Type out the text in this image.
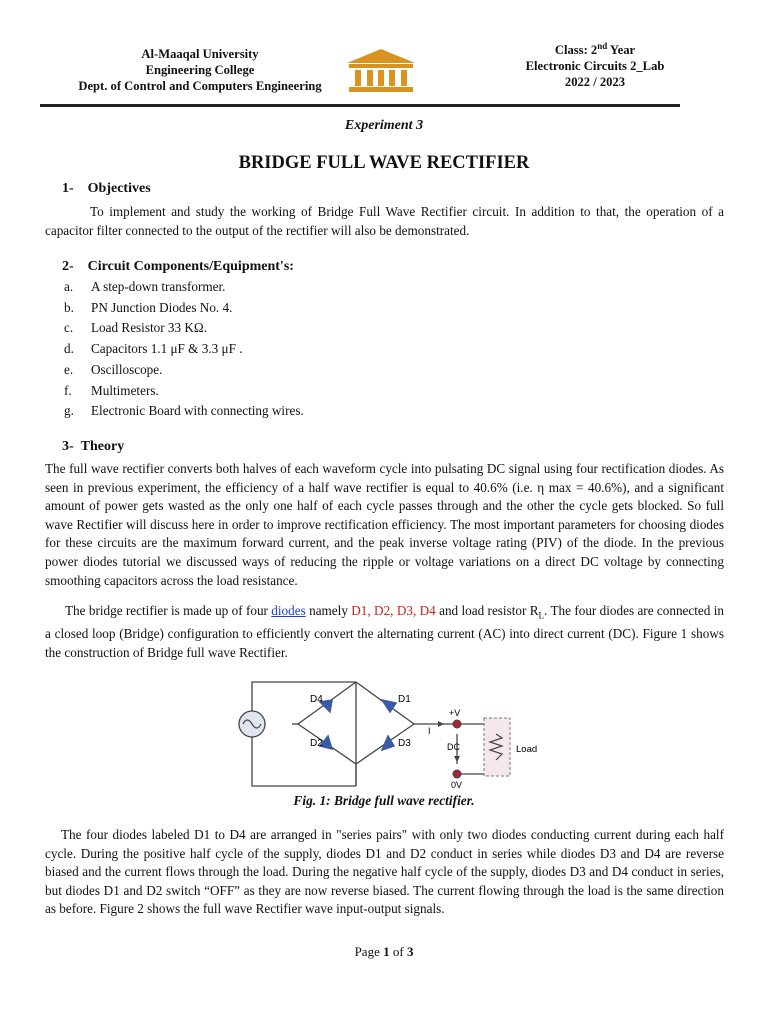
Al-Maaqal University
Engineering College
Dept. of Control and Computers Engineering
Class: 2nd Year
Electronic Circuits 2_Lab
2022 / 2023
Experiment 3
BRIDGE FULL WAVE RECTIFIER
1-    Objectives

To implement and study the working of Bridge Full Wave Rectifier circuit. In addition to that, the operation of a capacitor filter connected to the output of the rectifier will also be demonstrated.

2-    Circuit Components/Equipment's:
a. A step-down transformer.
b. PN Junction Diodes No. 4.
c. Load Resistor 33 KΩ.
d. Capacitors 1.1 μF & 3.3 μF .
e. Oscilloscope.
f. Multimeters.
g. Electronic Board with connecting wires.
3-  Theory

The full wave rectifier converts both halves of each waveform cycle into pulsating DC signal using four rectification diodes. As seen in previous experiment, the efficiency of a half wave rectifier is equal to 40.6% (i.e. η max = 40.6%), and a significant amount of power gets wasted as the only one half of each cycle passes through and the other the cycle gets blocked. So full wave Rectifier will discuss here in order to improve rectification efficiency. The most important parameters for choosing diodes for these circuits are the maximum forward current, and the peak inverse voltage rating (PIV) of the diode. In the previous power diodes tutorial we discussed ways of reducing the ripple or voltage variations on a direct DC voltage by connecting smoothing capacitors across the load resistance.

The bridge rectifier is made up of four diodes namely D1, D2, D3, D4 and load resistor $R_L$. The four diodes are connected in a closed loop (Bridge) configuration to efficiently convert the alternating current (AC) into direct current (DC). Figure 1 shows the construction of Bridge full wave Rectifier.

D4	D1
D2	D3
+V
I
DC
0V
Load
Fig. 1: Bridge full wave rectifier.

The four diodes labeled D1 to D4 are arranged in "series pairs" with only two diodes conducting current during each half cycle. During the positive half cycle of the supply, diodes D1 and D2 conduct in series while diodes D3 and D4 are reverse biased and the current flows through the load. During the negative half cycle of the supply, diodes D3 and D4 conduct in series, but diodes D1 and D2 switch “OFF” as they are now reverse biased. The current flowing through the load is the same direction as before. Figure 2 shows the full wave Rectifier wave input-output signals.

Page 1 of 3
